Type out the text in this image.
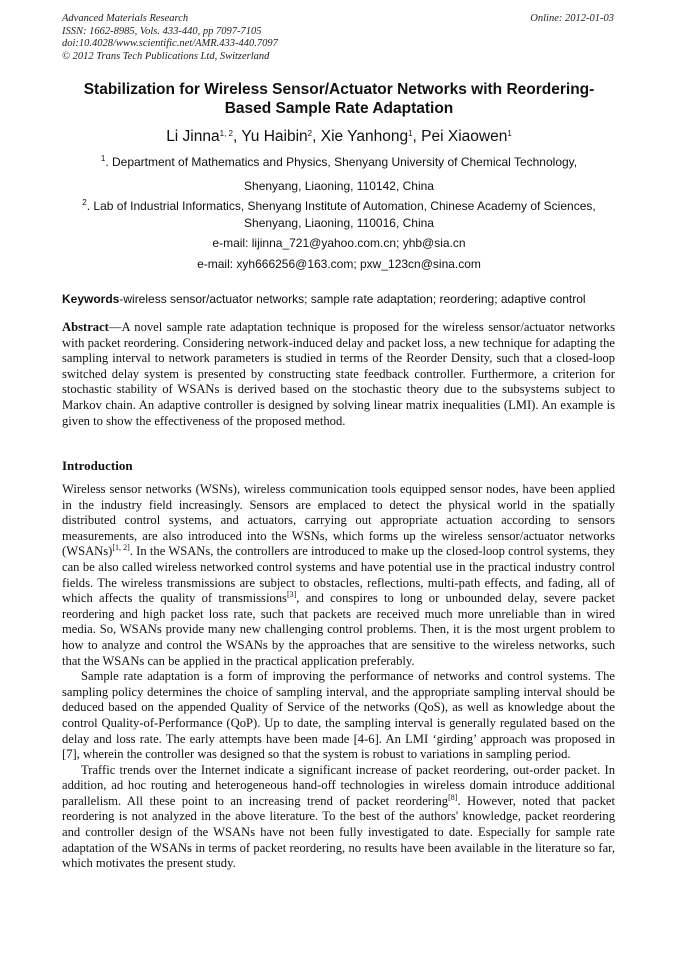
Advanced Materials Research
ISSN: 1662-8985, Vols. 433-440, pp 7097-7105
doi:10.4028/www.scientific.net/AMR.433-440.7097
© 2012 Trans Tech Publications Ltd, Switzerland
Online: 2012-01-03
Stabilization for Wireless Sensor/Actuator Networks with Reordering-Based Sample Rate Adaptation
Li Jinna$^{1, 2}$, Yu Haibin$^2$, Xie Yanhong$^1$, Pei Xiaowen$^1$
$^1$. Department of Mathematics and Physics, Shenyang University of Chemical Technology,
Shenyang, Liaoning, 110142, China
$^2$. Lab of Industrial Informatics, Shenyang Institute of Automation, Chinese Academy of Sciences,
Shenyang, Liaoning, 110016, China
e-mail: lijinna_721@yahoo.com.cn; yhb@sia.cn
e-mail: xyh666256@163.com; pxw_123cn@sina.com
Keywords-wireless sensor/actuator networks; sample rate adaptation; reordering; adaptive control

Abstract—A novel sample rate adaptation technique is proposed for the wireless sensor/actuator networks with packet reordering. Considering network-induced delay and packet loss, a new technique for adapting the sampling interval to network parameters is studied in terms of the Reorder Density, such that a closed-loop switched delay system is presented by constructing state feedback controller. Furthermore, a criterion for stochastic stability of WSANs is derived based on the stochastic theory due to the subsystems subject to Markov chain. An adaptive controller is designed by solving linear matrix inequalities (LMI). An example is given to show the effectiveness of the proposed method.

Introduction

Wireless sensor networks (WSNs), wireless communication tools equipped sensor nodes, have been applied in the industry field increasingly. Sensors are emplaced to detect the physical world in the spatially distributed control systems, and actuators, carrying out appropriate actuation according to sensors measurements, are also introduced into the WSNs, which forms up the wireless sensor/actuator networks (WSANs)[1, 2]. In the WSANs, the controllers are introduced to make up the closed-loop control systems, they can be also called wireless networked control systems and have potential use in the practical industry control fields. The wireless transmissions are subject to obstacles, reflections, multi-path effects, and fading, all of which affects the quality of transmissions[3], and conspires to long or unbounded delay, severe packet reordering and high packet loss rate, such that packets are received much more unreliable than in wired media. So, WSANs provide many new challenging control problems. Then, it is the most urgent problem to how to analyze and control the WSANs by the approaches that are sensitive to the wireless networks, such that the WSANs can be applied in the practical application preferably.

Sample rate adaptation is a form of improving the performance of networks and control systems. The sampling policy determines the choice of sampling interval, and the appropriate sampling interval should be deduced based on the appended Quality of Service of the networks (QoS), as well as knowledge about the control Quality-of-Performance (QoP). Up to date, the sampling interval is generally regulated based on the delay and loss rate. The early attempts have been made [4-6]. An LMI ‘girding’ approach was proposed in [7], wherein the controller was designed so that the system is robust to variations in sampling period.

Traffic trends over the Internet indicate a significant increase of packet reordering, out-order packet. In addition, ad hoc routing and heterogeneous hand-off technologies in wireless domain introduce additional parallelism. All these point to an increasing trend of packet reordering[8]. However, noted that packet reordering is not analyzed in the above literature. To the best of the authors' knowledge, packet reordering and controller design of the WSANs have not been fully investigated to date. Especially for sample rate adaptation of the WSANs in terms of packet reordering, no results have been available in the literature so far, which motivates the present study.
